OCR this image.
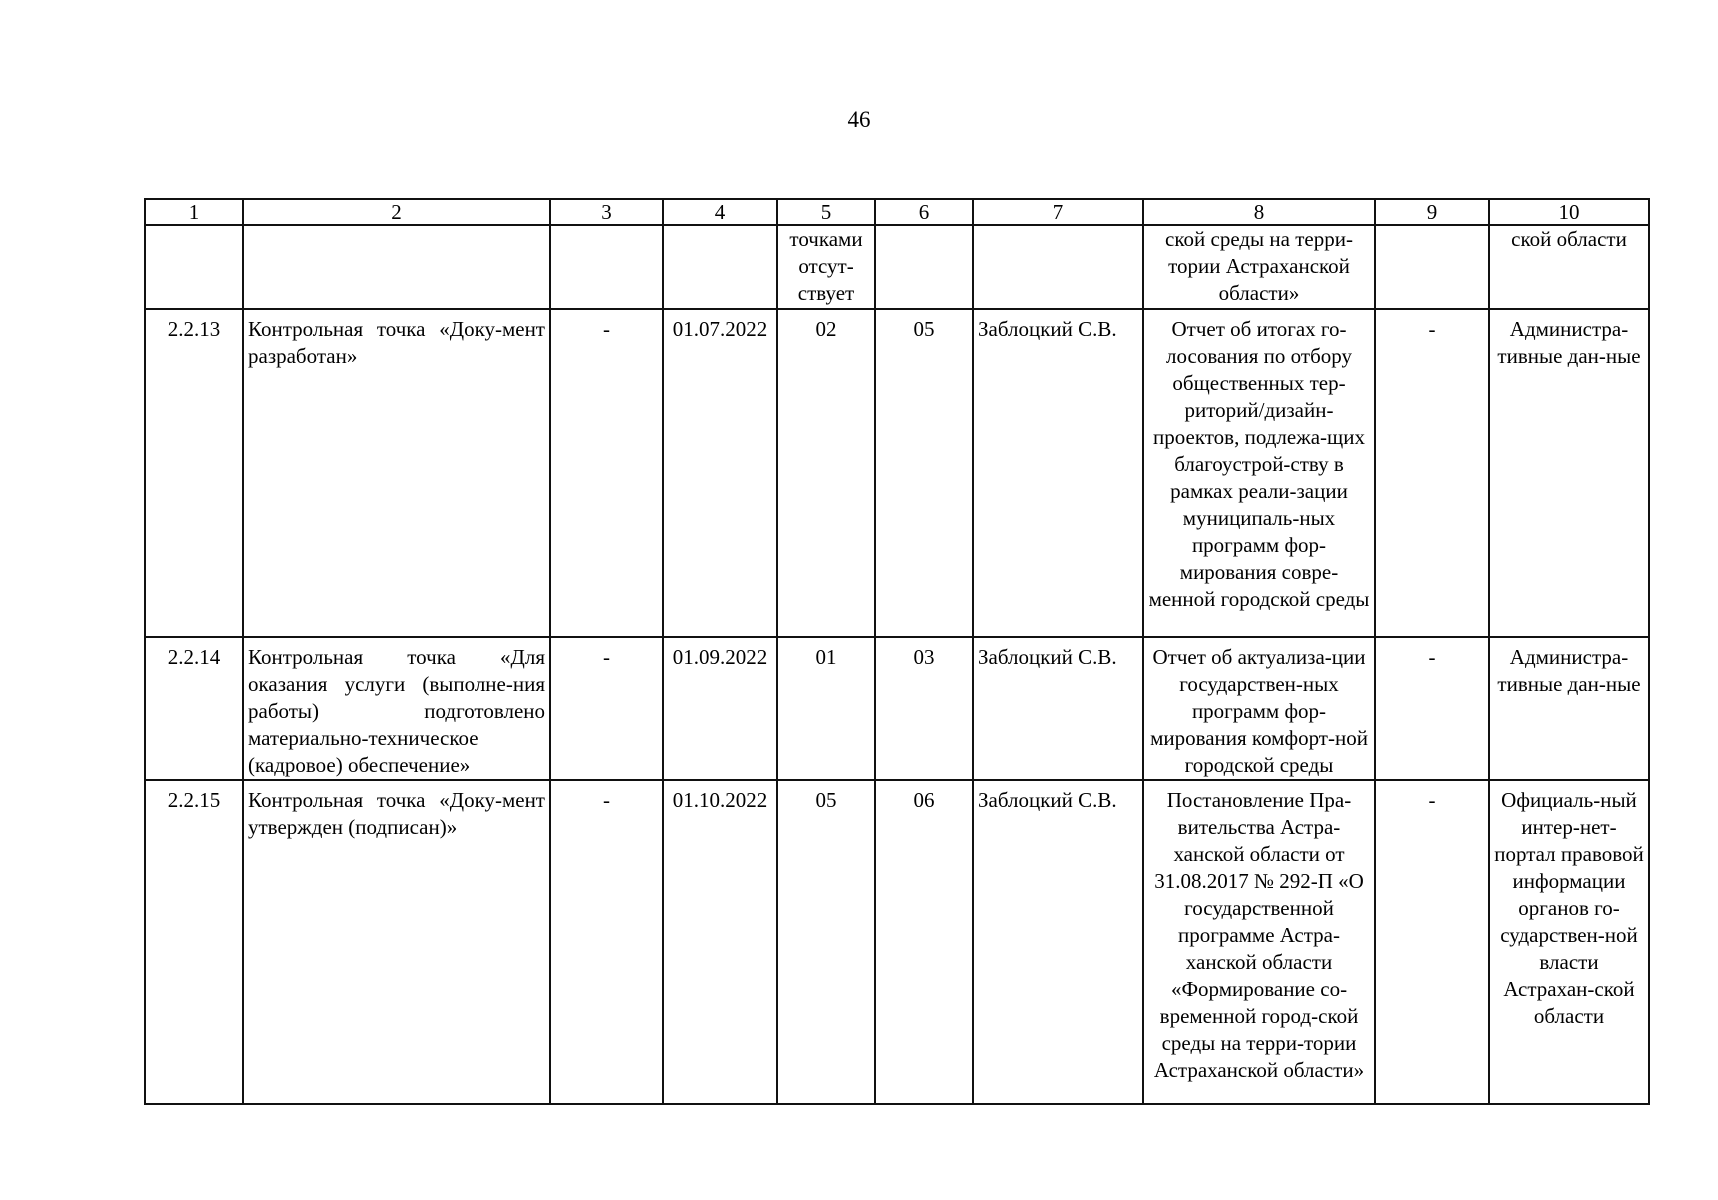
46
1	2	3	4	5	6	7	8	9	10
				точками отсут-ствует			ской среды на терри-тории Астраханской области»		ской области
2.2.13	Контрольная точка «Доку-мент разработан»	-	01.07.2022	02	05	Заблоцкий С.В.	Отчет об итогах го-лосования по отбору общественных тер-риторий/дизайн-проектов, подлежа-щих благоустрой-ству в рамках реали-зации муниципаль-ных программ фор-мирования совре-менной городской среды	-	Администра-тивные дан-ные
2.2.14	Контрольная точка «Для оказания услуги (выполне-ния работы) подготовлено материально-техническое (кадровое) обеспечение»	-	01.09.2022	01	03	Заблоцкий С.В.	Отчет об актуализа-ции государствен-ных программ фор-мирования комфорт-ной городской среды	-	Администра-тивные дан-ные
2.2.15	Контрольная точка «Доку-мент утвержден (подписан)»	-	01.10.2022	05	06	Заблоцкий С.В.	Постановление Пра-вительства Астра-ханской области от 31.08.2017 № 292-П «О государственной программе Астра-ханской области «Формирование со-временной город-ской среды на терри-тории Астраханской области»	-	Официаль-ный интер-нет-портал правовой информации органов го-сударствен-ной власти Астрахан-ской области
